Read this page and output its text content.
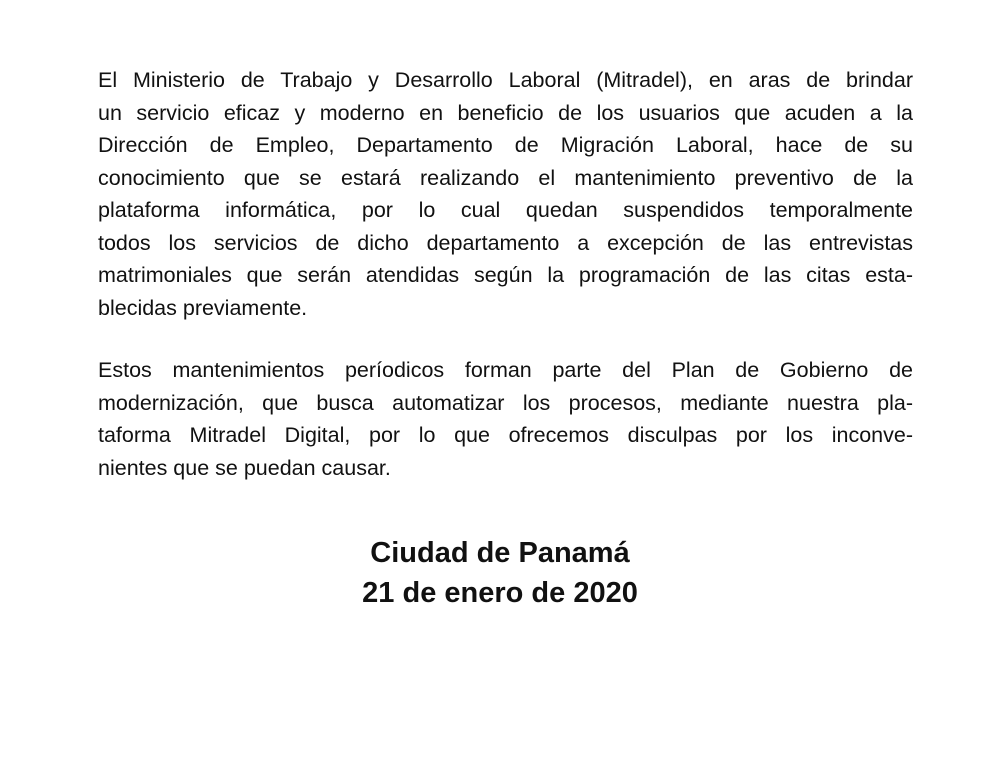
El Ministerio de Trabajo y Desarrollo Laboral (Mitradel), en aras de brindar
un servicio eficaz y moderno en beneficio de los usuarios que acuden a la
Dirección de Empleo, Departamento de Migración Laboral, hace de su
conocimiento que se estará realizando el mantenimiento preventivo de la
plataforma informática, por lo cual quedan suspendidos temporalmente
todos los servicios de dicho departamento a excepción de las entrevistas
matrimoniales que serán atendidas según la programación de las citas esta-
blecidas previamente.
Estos mantenimientos períodicos forman parte del Plan de Gobierno de
modernización, que busca automatizar los procesos, mediante nuestra pla-
taforma Mitradel Digital, por lo que ofrecemos disculpas por los inconve-
nientes que se puedan causar.
Ciudad de Panamá
21 de enero de 2020
